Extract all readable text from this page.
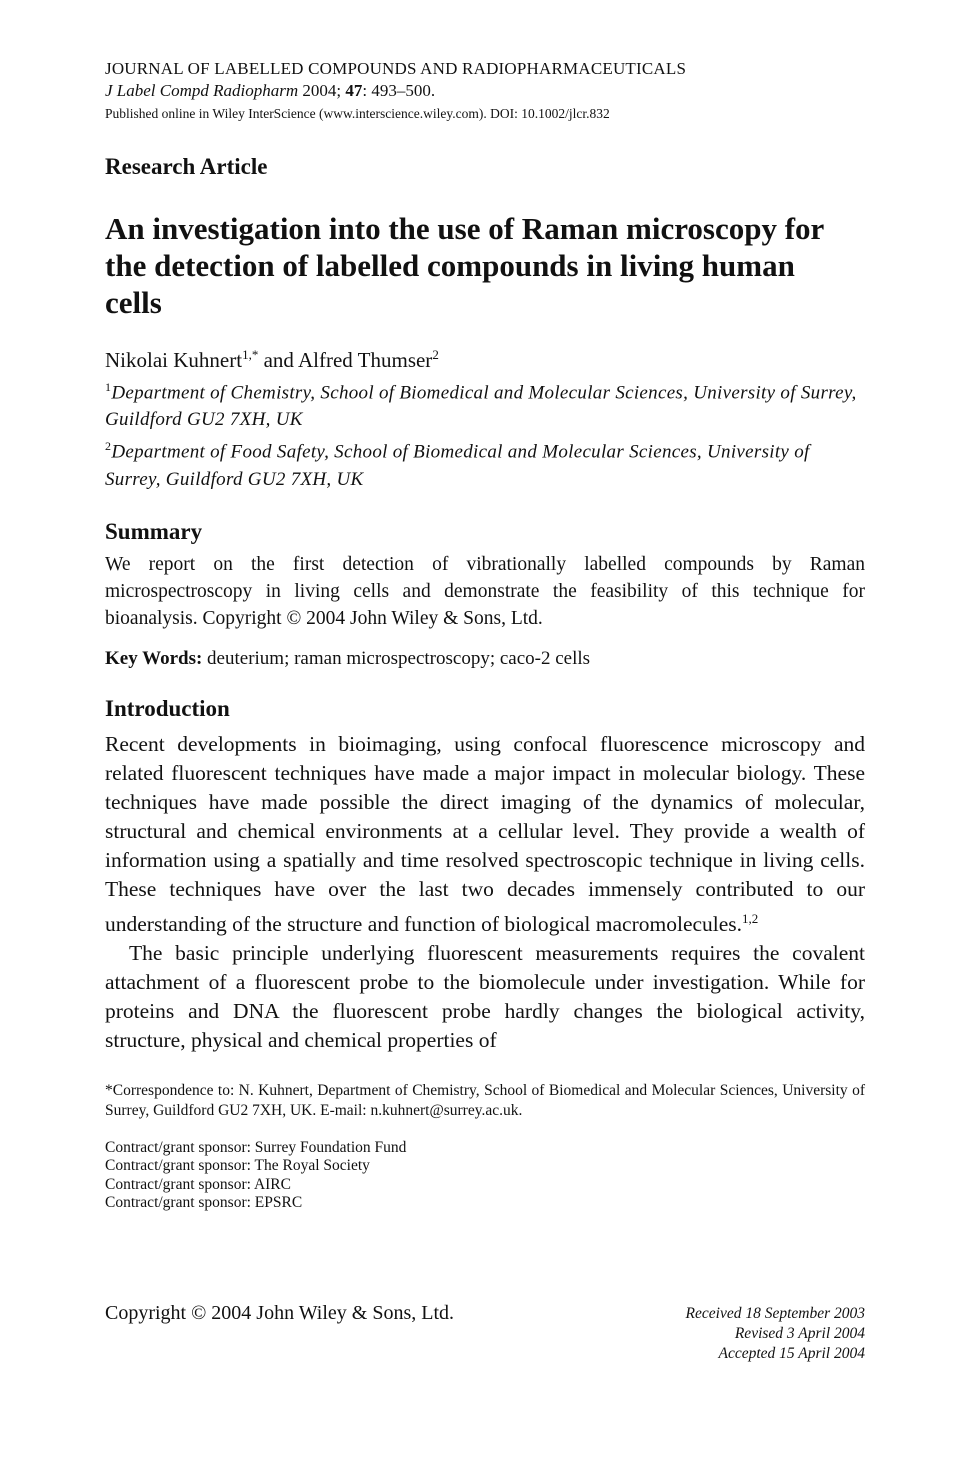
JOURNAL OF LABELLED COMPOUNDS AND RADIOPHARMACEUTICALS

J Label Compd Radiopharm 2004; 47: 493–500.

Published online in Wiley InterScience (www.interscience.wiley.com). DOI: 10.1002/jlcr.832

Research Article

An investigation into the use of Raman microscopy for the detection of labelled compounds in living human cells

Nikolai Kuhnert$^{1,*}$ and Alfred Thumser$^2$

$^1$Department of Chemistry, School of Biomedical and Molecular Sciences, University of Surrey, Guildford GU2 7XH, UK

$^2$Department of Food Safety, School of Biomedical and Molecular Sciences, University of Surrey, Guildford GU2 7XH, UK

Summary

We report on the first detection of vibrationally labelled compounds by Raman microspectroscopy in living cells and demonstrate the feasibility of this technique for bioanalysis. Copyright © 2004 John Wiley & Sons, Ltd.

Key Words: deuterium; raman microspectroscopy; caco-2 cells

Introduction

Recent developments in bioimaging, using confocal fluorescence microscopy and related fluorescent techniques have made a major impact in molecular biology. These techniques have made possible the direct imaging of the dynamics of molecular, structural and chemical environments at a cellular level. They provide a wealth of information using a spatially and time resolved spectroscopic technique in living cells. These techniques have over the last two decades immensely contributed to our understanding of the structure and function of biological macromolecules.$^{1,2}$

The basic principle underlying fluorescent measurements requires the covalent attachment of a fluorescent probe to the biomolecule under investigation. While for proteins and DNA the fluorescent probe hardly changes the biological activity, structure, physical and chemical properties of

*Correspondence to: N. Kuhnert, Department of Chemistry, School of Biomedical and Molecular Sciences, University of Surrey, Guildford GU2 7XH, UK. E-mail: n.kuhnert@surrey.ac.uk.

Contract/grant sponsor: Surrey Foundation Fund
Contract/grant sponsor: The Royal Society
Contract/grant sponsor: AIRC
Contract/grant sponsor: EPSRC
Copyright © 2004 John Wiley & Sons, Ltd.	Received 18 September 2003
Revised 3 April 2004
Accepted 15 April 2004
